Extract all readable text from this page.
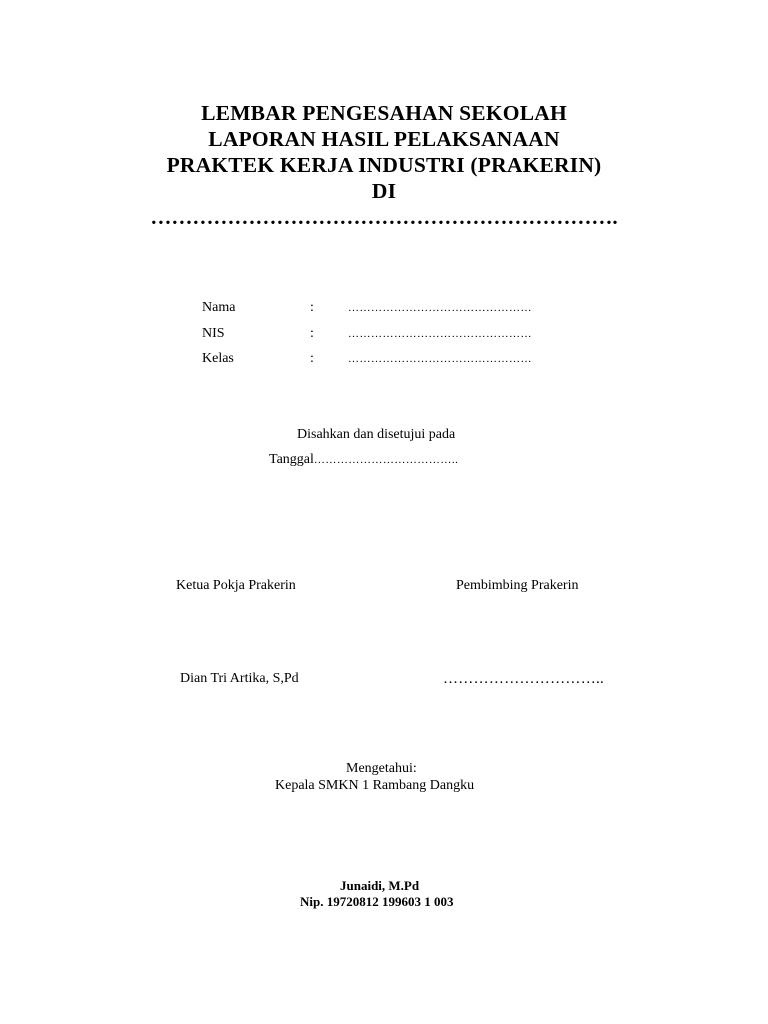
LEMBAR PENGESAHAN SEKOLAH
LAPORAN HASIL PELAKSANAAN
PRAKTEK KERJA INDUSTRI (PRAKERIN)
DI
………………………………………………………….
Nama	:	…………………………………………
NIS	:	…………………………………………
Kelas	:	…………………………………………
Disahkan dan disetujui pada
Tanggal………………………………..
Ketua Pokja Prakerin	Pembimbing Prakerin
Dian Tri Artika, S,Pd	…………………………..
Mengetahui:
Kepala SMKN 1 Rambang Dangku
Junaidi, M.Pd
Nip. 19720812 199603 1 003
